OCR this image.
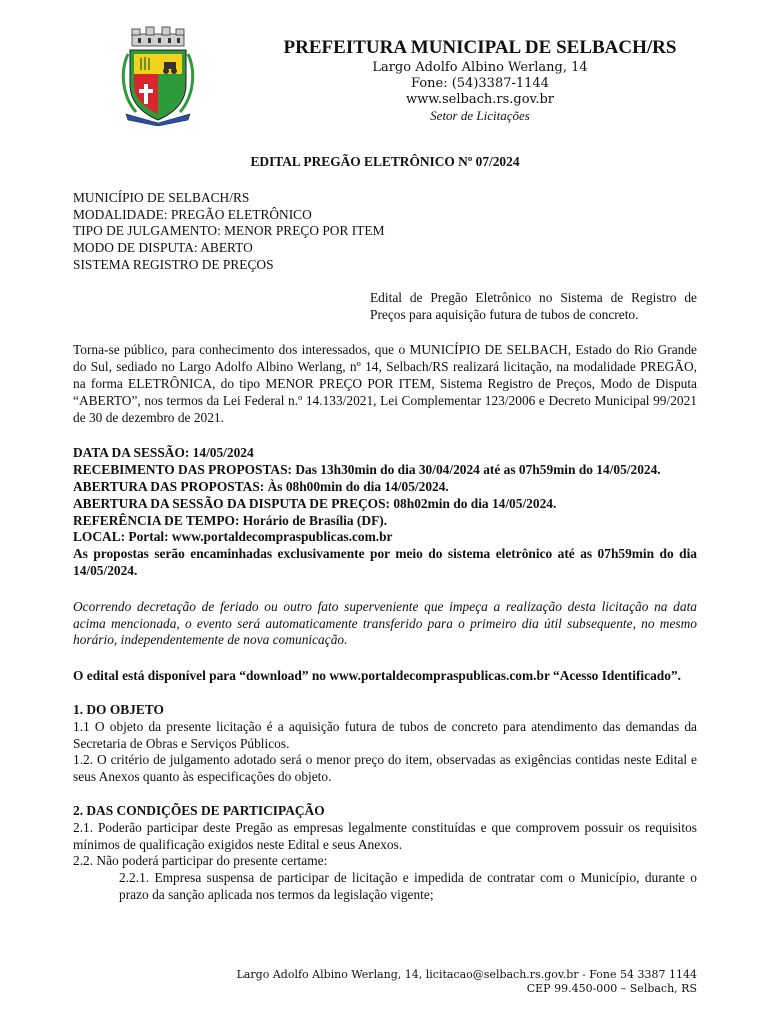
PREFEITURA MUNICIPAL DE SELBACH/RS
Largo Adolfo Albino Werlang, 14
Fone: (54)3387-1144
www.selbach.rs.gov.br
Setor de Licitações
EDITAL PREGÃO ELETRÔNICO Nº 07/2024
MUNICÍPIO DE SELBACH/RS
MODALIDADE: PREGÃO ELETRÔNICO
TIPO DE JULGAMENTO: MENOR PREÇO POR ITEM
MODO DE DISPUTA: ABERTO
SISTEMA REGISTRO DE PREÇOS

Edital de Pregão Eletrônico no Sistema de Registro de Preços para aquisição futura de tubos de concreto.

Torna-se público, para conhecimento dos interessados, que o MUNICÍPIO DE SELBACH, Estado do Rio Grande do Sul, sediado no Largo Adolfo Albino Werlang, nº 14, Selbach/RS realizará licitação, na modalidade PREGÃO, na forma ELETRÔNICA, do tipo MENOR PREÇO POR ITEM, Sistema Registro de Preços, Modo de Disputa “ABERTO”, nos termos da Lei Federal n.º 14.133/2021, Lei Complementar 123/2006 e Decreto Municipal 99/2021 de 30 de dezembro de 2021.

DATA DA SESSÃO: 14/05/2024

RECEBIMENTO DAS PROPOSTAS: Das 13h30min do dia 30/04/2024 até as 07h59min do 14/05/2024.

ABERTURA DAS PROPOSTAS: Às 08h00min do dia 14/05/2024.

ABERTURA DA SESSÃO DA DISPUTA DE PREÇOS: 08h02min do dia 14/05/2024.

REFERÊNCIA DE TEMPO: Horário de Brasília (DF).

LOCAL: Portal: www.portaldecompraspublicas.com.br

As propostas serão encaminhadas exclusivamente por meio do sistema eletrônico até as 07h59min do dia 14/05/2024.

Ocorrendo decretação de feriado ou outro fato superveniente que impeça a realização desta licitação na data acima mencionada, o evento será automaticamente transferido para o primeiro dia útil subsequente, no mesmo horário, independentemente de nova comunicação.

O edital está disponível para “download” no www.portaldecompraspublicas.com.br “Acesso Identificado”.

1. DO OBJETO

1.1 O objeto da presente licitação é a aquisição futura de tubos de concreto para atendimento das demandas da Secretaria de Obras e Serviços Públicos.

1.2. O critério de julgamento adotado será o menor preço do item, observadas as exigências contidas neste Edital e seus Anexos quanto às especificações do objeto.

2. DAS CONDIÇÕES DE PARTICIPAÇÃO

2.1. Poderão participar deste Pregão as empresas legalmente constituídas e que comprovem possuir os requisitos mínimos de qualificação exigidos neste Edital e seus Anexos.

2.2. Não poderá participar do presente certame:

2.2.1. Empresa suspensa de participar de licitação e impedida de contratar com o Município, durante o prazo da sanção aplicada nos termos da legislação vigente;

Largo Adolfo Albino Werlang, 14, licitacao@selbach.rs.gov.br - Fone 54 3387 1144
CEP 99.450-000 – Selbach, RS
